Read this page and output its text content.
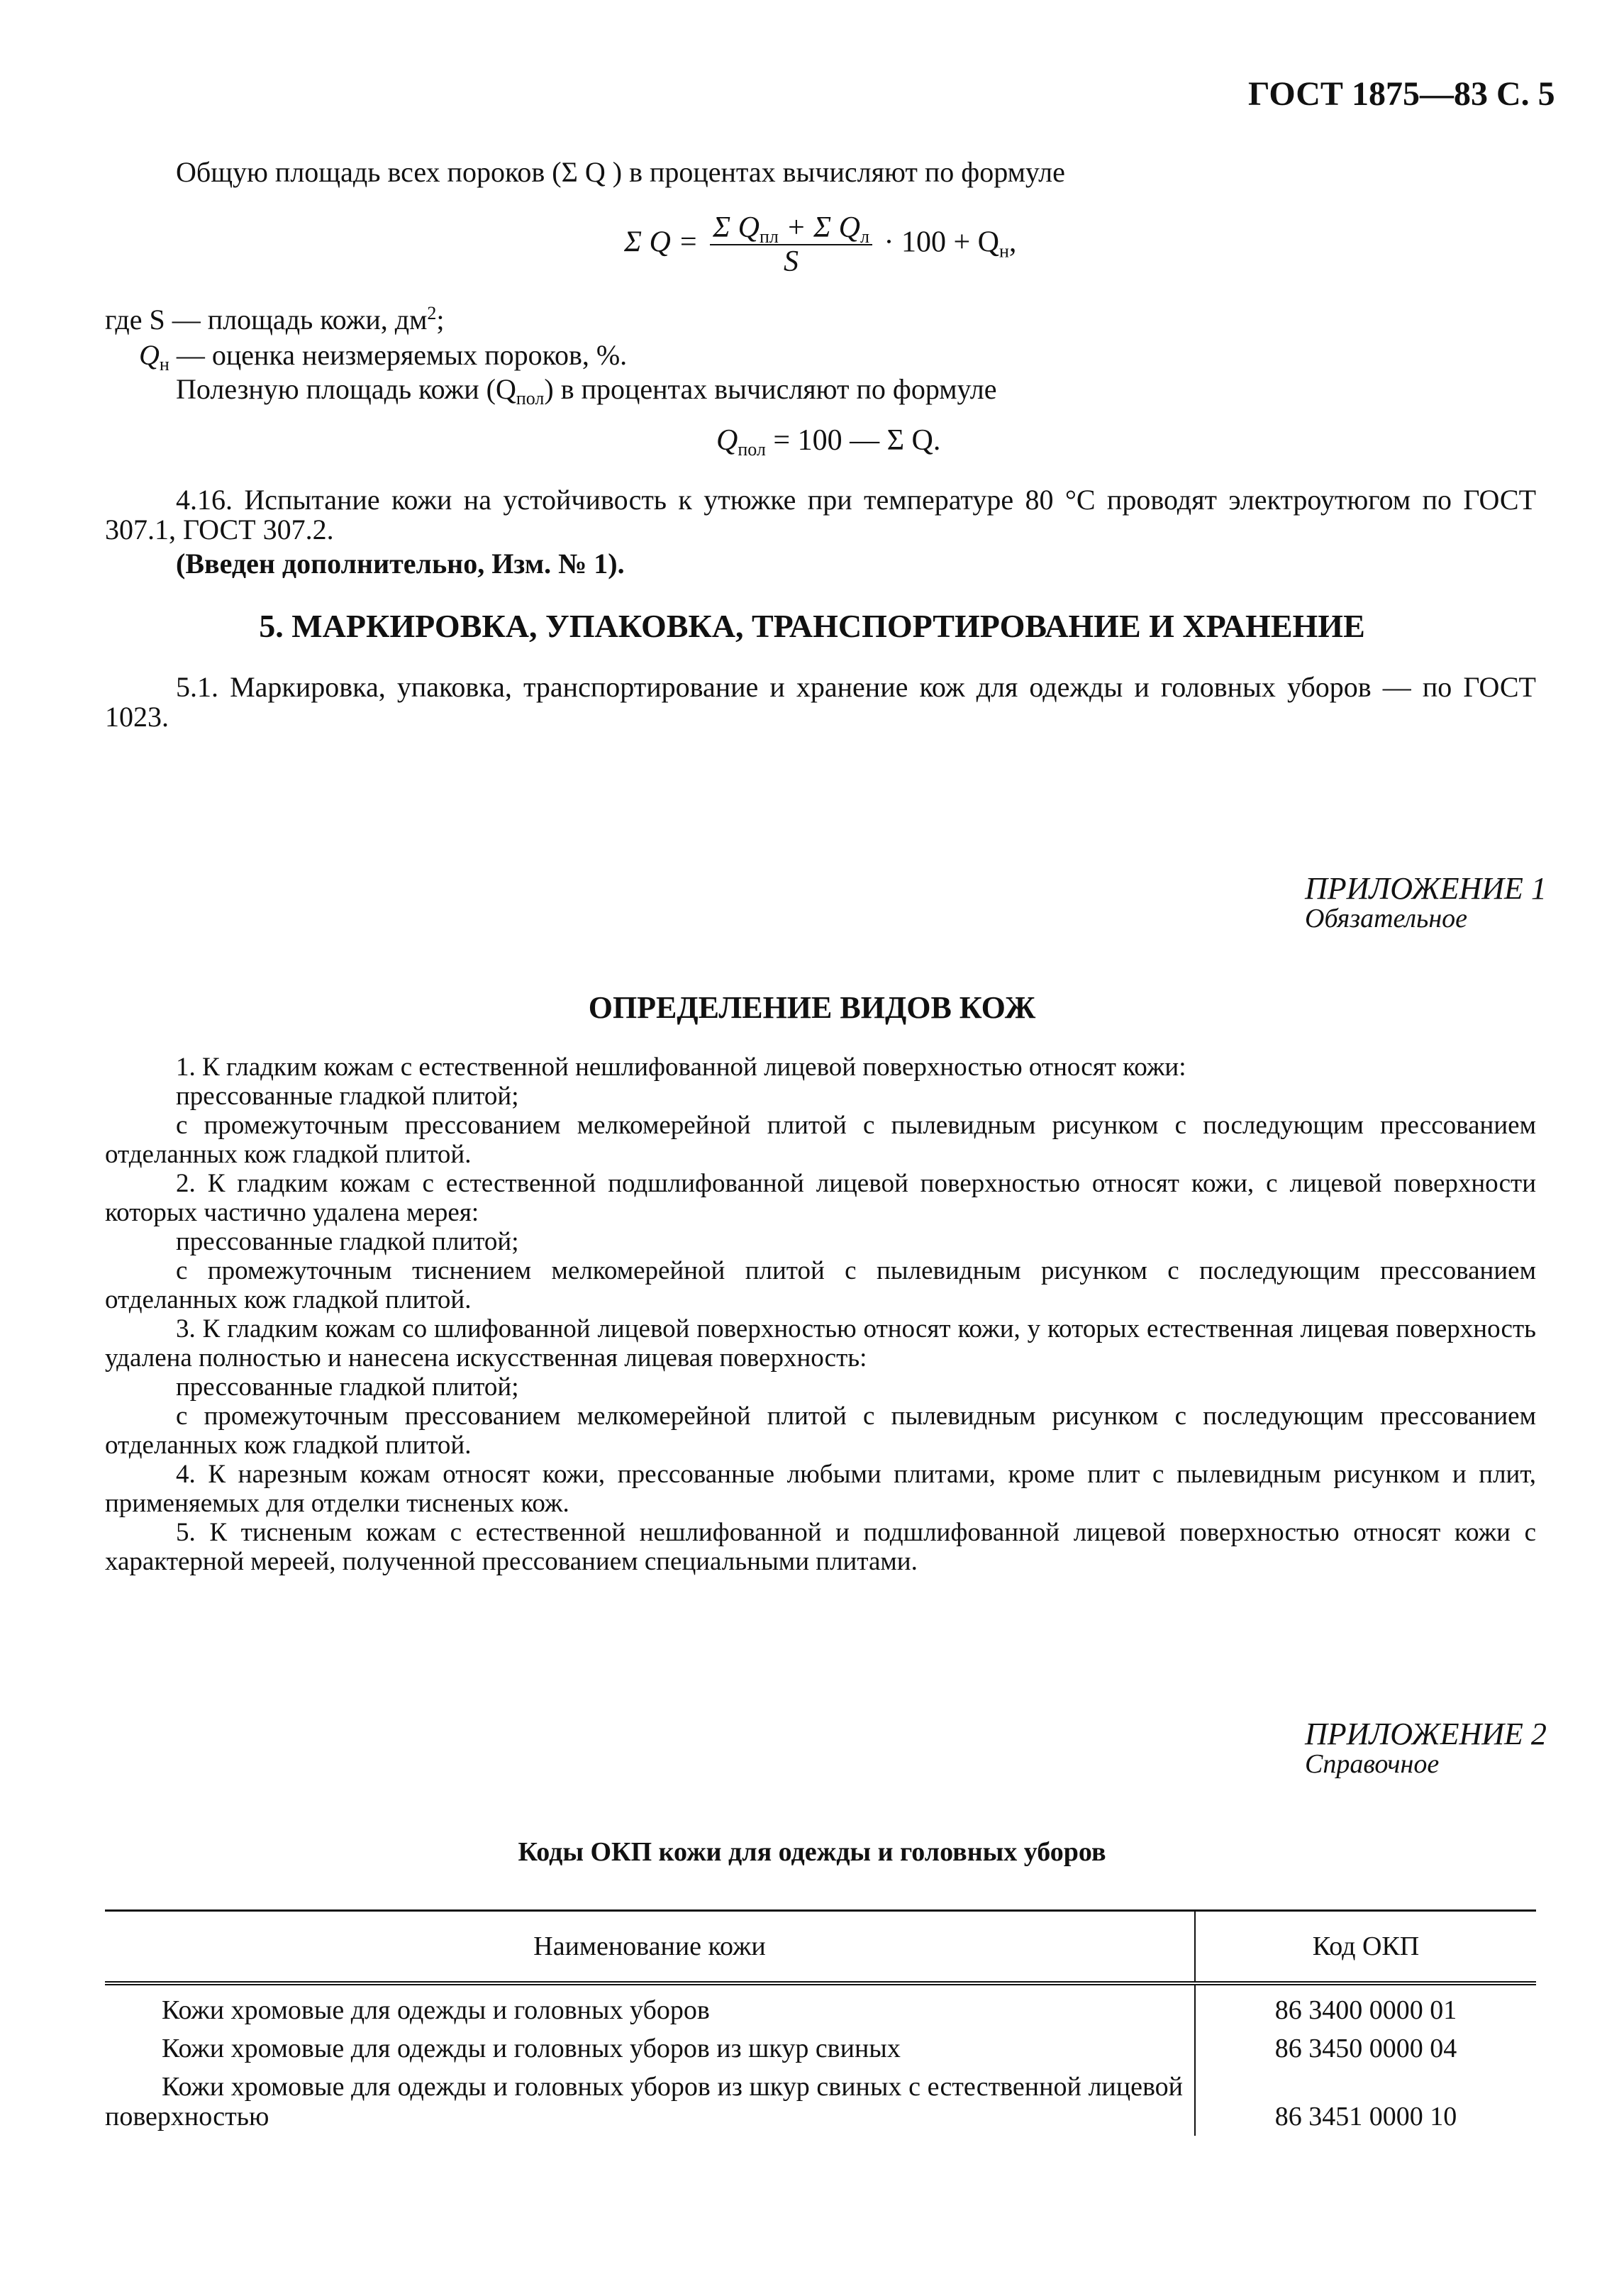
ГОСТ 1875—83 С. 5
Общую площадь всех пороков (Σ Q ) в процентах вычисляют по формуле
Σ $Q = \frac{\Sigma Q_{пл} + \Sigma Q_л}{S} \cdot 100 + Q_н$,
где S — площадь кожи, $дм^2$;
$Q_н$ — оценка неизмеряемых пороков, %.
Полезную площадь кожи $(Q_{пол})$ в процентах вычисляют по формуле
$Q_{пол} = 100$ — Σ Q.
4.16. Испытание кожи на устойчивость к утюжке при температуре 80 °С проводят электроутюгом по ГОСТ 307.1, ГОСТ 307.2.
(Введен дополнительно, Изм. № 1).
5. МАРКИРОВКА, УПАКОВКА, ТРАНСПОРТИРОВАНИЕ И ХРАНЕНИЕ
5.1. Маркировка, упаковка, транспортирование и хранение кож для одежды и головных уборов — по ГОСТ 1023.
ПРИЛОЖЕНИЕ 1
Обязательное
ОПРЕДЕЛЕНИЕ ВИДОВ КОЖ
1. К гладким кожам с естественной нешлифованной лицевой поверхностью относят кожи:
прессованные гладкой плитой;
с промежуточным прессованием мелкомерейной плитой с пылевидным рисунком с последующим прессованием отделанных кож гладкой плитой.
2. К гладким кожам с естественной подшлифованной лицевой поверхностью относят кожи, с лицевой поверхности которых частично удалена мерея:
прессованные гладкой плитой;
с промежуточным тиснением мелкомерейной плитой с пылевидным рисунком с последующим прессованием отделанных кож гладкой плитой.
3. К гладким кожам со шлифованной лицевой поверхностью относят кожи, у которых естественная лицевая поверхность удалена полностью и нанесена искусственная лицевая поверхность:
прессованные гладкой плитой;
с промежуточным прессованием мелкомерейной плитой с пылевидным рисунком с последующим прессованием отделанных кож гладкой плитой.
4. К нарезным кожам относят кожи, прессованные любыми плитами, кроме плит с пылевидным рисунком и плит, применяемых для отделки тисненых кож.
5. К тисненым кожам с естественной нешлифованной и подшлифованной лицевой поверхностью относят кожи с характерной мереей, полученной прессованием специальными плитами.
ПРИЛОЖЕНИЕ 2
Справочное
Коды ОКП кожи для одежды и головных уборов
Наименование кожи	Код ОКП
Кожи хромовые для одежды и головных уборов	86 3400 0000 01
Кожи хромовые для одежды и головных уборов из шкур свиных	86 3450 0000 04
Кожи хромовые для одежды и головных уборов из шкур свиных с естественной лицевой поверхностью	86 3451 0000 10
